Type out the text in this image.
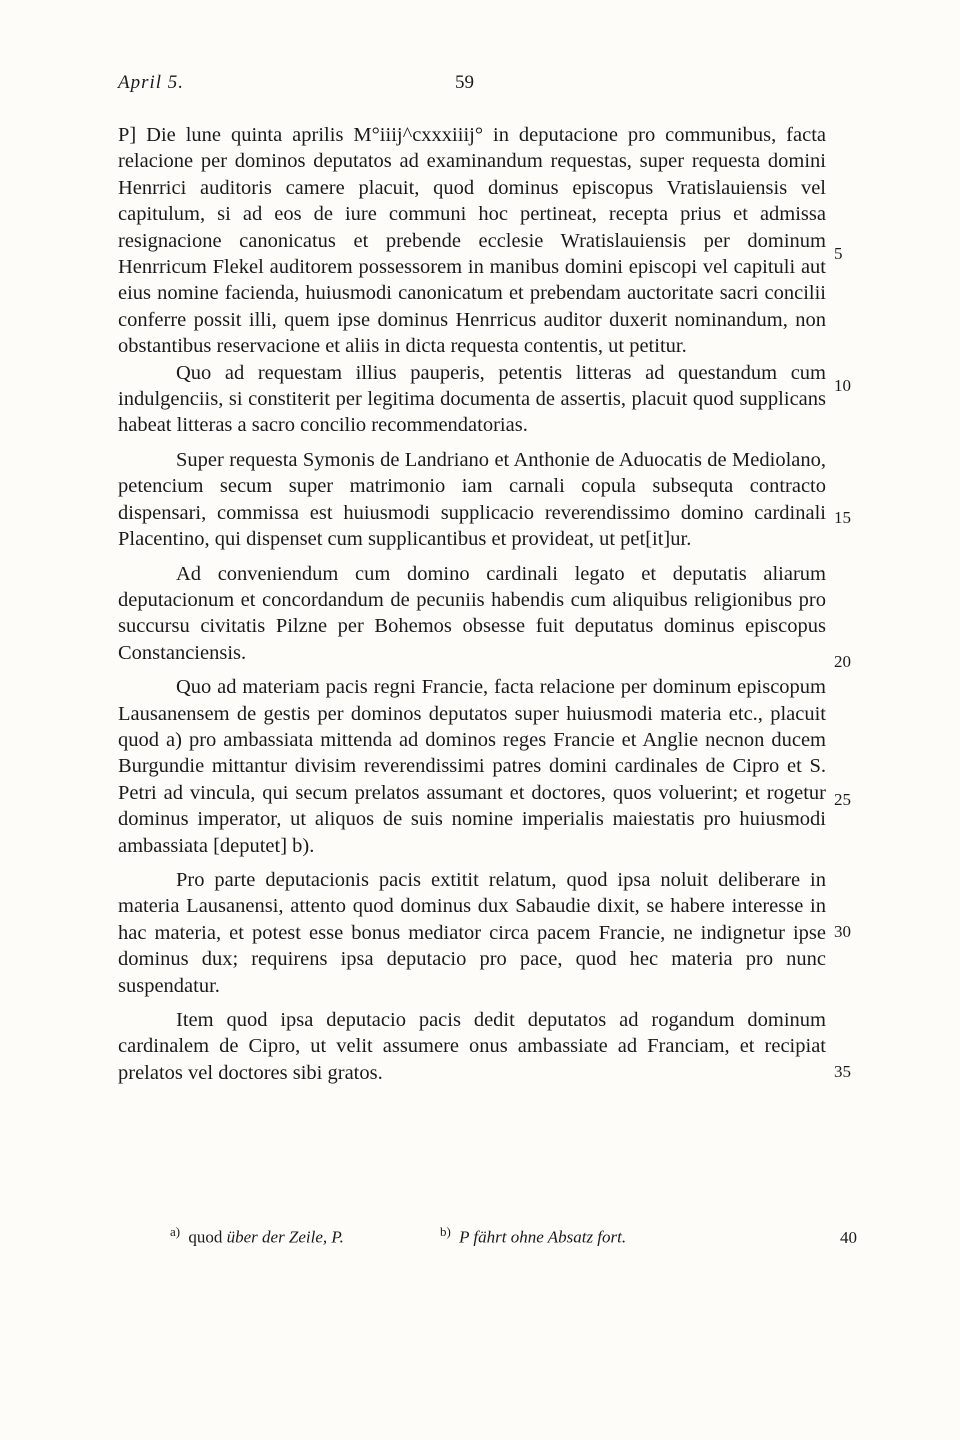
April 5.	59

P] Die lune quinta aprilis M°iiij^cxxxiiij° in deputacione pro communibus, facta relacione per dominos deputatos ad examinandum requestas, super requesta domini Henrrici auditoris camere placuit, quod dominus episcopus Vratislauiensis vel capitulum, si ad eos de iure communi hoc pertineat, recepta prius et admissa resignacione canonicatus et prebende ecclesie Wratislauiensis per dominum Henrricum Flekel auditorem possessorem in manibus domini episcopi vel capituli aut eius nomine facienda, huiusmodi canonicatum et prebendam auctoritate sacri concilii conferre possit illi, quem ipse dominus Henrricus auditor duxerit nominandum, non obstantibus reservacione et aliis in dicta requesta contentis, ut petitur.

Quo ad requestam illius pauperis, petentis litteras ad questandum cum indulgenciis, si constiterit per legitima documenta de assertis, placuit quod supplicans habeat litteras a sacro concilio recommendatorias.

Super requesta Symonis de Landriano et Anthonie de Aduocatis de Mediolano, petencium secum super matrimonio iam carnali copula subsequta contracto dispensari, commissa est huiusmodi supplicacio reverendissimo domino cardinali Placentino, qui dispenset cum supplicantibus et provideat, ut pet[it]ur.

Ad conveniendum cum domino cardinali legato et deputatis aliarum deputacionum et concordandum de pecuniis habendis cum aliquibus religionibus pro succursu civitatis Pilzne per Bohemos obsesse fuit deputatus dominus episcopus Constanciensis.

Quo ad materiam pacis regni Francie, facta relacione per dominum episcopum Lausanensem de gestis per dominos deputatos super huiusmodi materia etc., placuit quod a) pro ambassiata mittenda ad dominos reges Francie et Anglie necnon ducem Burgundie mittantur divisim reverendissimi patres domini cardinales de Cipro et S. Petri ad vincula, qui secum prelatos assumant et doctores, quos voluerint; et rogetur dominus imperator, ut aliquos de suis nomine imperialis maiestatis pro huiusmodi ambassiata [deputet] b).

Pro parte deputacionis pacis extitit relatum, quod ipsa noluit deliberare in materia Lausanensi, attento quod dominus dux Sabaudie dixit, se habere interesse in hac materia, et potest esse bonus mediator circa pacem Francie, ne indignetur ipse dominus dux; requirens ipsa deputacio pro pace, quod hec materia pro nunc suspendatur.

Item quod ipsa deputacio pacis dedit deputatos ad rogandum dominum cardinalem de Cipro, ut velit assumere onus ambassiate ad Franciam, et recipiat prelatos vel doctores sibi gratos.

5
10
15
20
25
30
35
40
$^{a)}$ quod über der Zeile, P.	$^{b)}$ P fährt ohne Absatz fort.
